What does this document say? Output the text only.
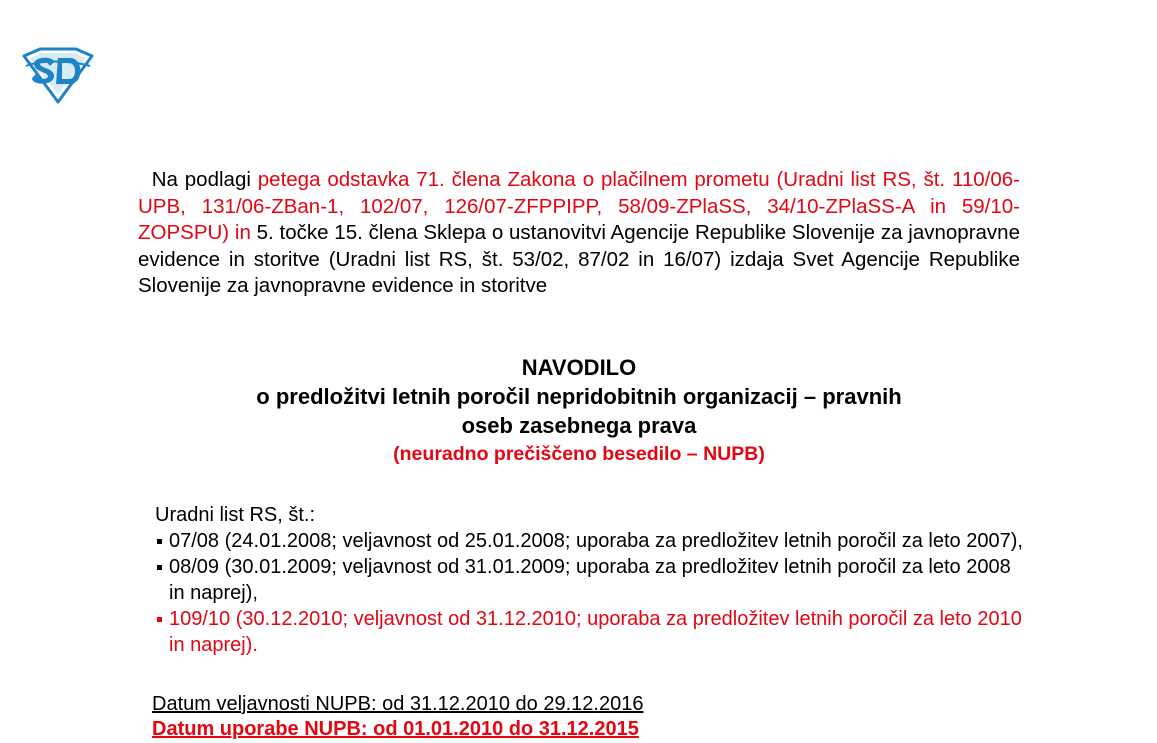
Na podlagi petega odstavka 71. člena Zakona o plačilnem prometu (Uradni list RS, št. 110/06-UPB, 131/06-ZBan-1, 102/07, 126/07-ZFPPIPP, 58/09-ZPlaSS, 34/10-ZPlaSS-A in 59/10-ZOPSPU) in 5. točke 15. člena Sklepa o ustanovitvi Agencije Republike Slovenije za javnopravne evidence in storitve (Uradni list RS, št. 53/02, 87/02 in 16/07) izdaja Svet Agencije Republike Slovenije za javnopravne evidence in storitve

NAVODILO
o predložitvi letnih poročil nepridobitnih organizacij – pravnih
oseb zasebnega prava
(neuradno prečiščeno besedilo – NUPB)
Uradni list RS, št.:
07/08 (24.01.2008; veljavnost od 25.01.2008; uporaba za predložitev letnih poročil za leto 2007),
08/09 (30.01.2009; veljavnost od 31.01.2009; uporaba za predložitev letnih poročil za leto 2008 in naprej),
109/10 (30.12.2010; veljavnost od 31.12.2010; uporaba za predložitev letnih poročil za leto 2010 in naprej).
Datum veljavnosti NUPB: od 31.12.2010 do 29.12.2016
Datum uporabe NUPB: od 01.01.2010 do 31.12.2015
